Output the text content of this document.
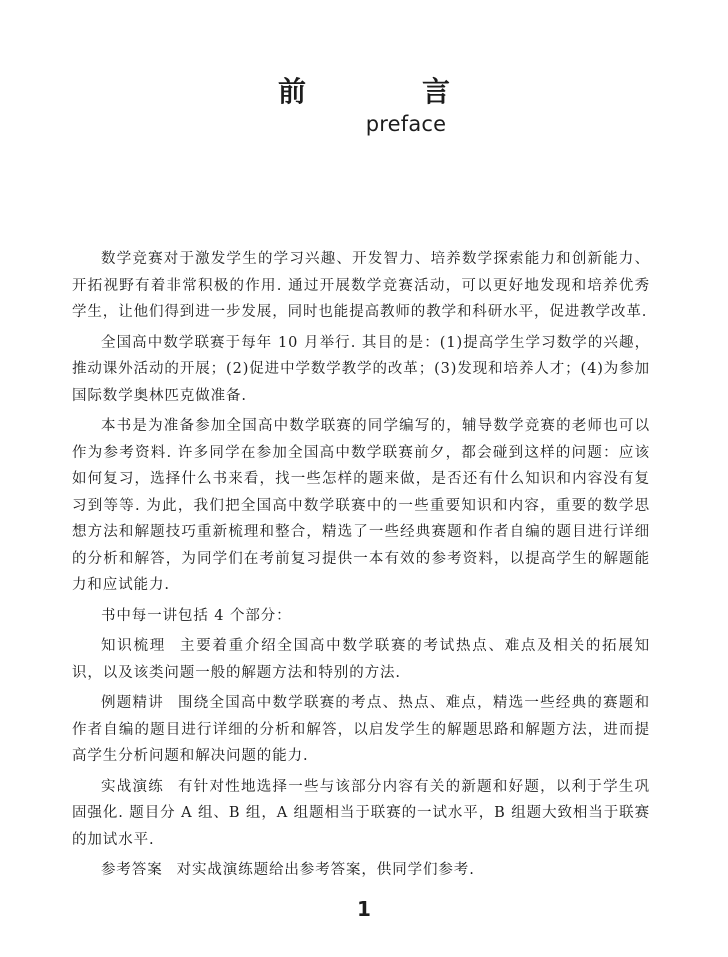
前　言
preface

数学竞赛对于激发学生的学习兴趣、开发智力、培养数学探索能力和创新能力、开拓视野有着非常积极的作用. 通过开展数学竞赛活动，可以更好地发现和培养优秀学生，让他们得到进一步发展，同时也能提高教师的教学和科研水平，促进教学改革.

全国高中数学联赛于每年 10 月举行. 其目的是：(1)提高学生学习数学的兴趣，推动课外活动的开展；(2)促进中学数学教学的改革；(3)发现和培养人才；(4)为参加国际数学奥林匹克做准备.

本书是为准备参加全国高中数学联赛的同学编写的，辅导数学竞赛的老师也可以作为参考资料. 许多同学在参加全国高中数学联赛前夕，都会碰到这样的问题：应该如何复习，选择什么书来看，找一些怎样的题来做，是否还有什么知识和内容没有复习到等等. 为此，我们把全国高中数学联赛中的一些重要知识和内容，重要的数学思想方法和解题技巧重新梳理和整合，精选了一些经典赛题和作者自编的题目进行详细的分析和解答，为同学们在考前复习提供一本有效的参考资料，以提高学生的解题能力和应试能力.

书中每一讲包括 4 个部分：

知识梳理 主要着重介绍全国高中数学联赛的考试热点、难点及相关的拓展知识，以及该类问题一般的解题方法和特别的方法.

例题精讲 围绕全国高中数学联赛的考点、热点、难点，精选一些经典的赛题和作者自编的题目进行详细的分析和解答，以启发学生的解题思路和解题方法，进而提高学生分析问题和解决问题的能力.

实战演练 有针对性地选择一些与该部分内容有关的新题和好题，以利于学生巩固强化. 题目分 A 组、B 组，A 组题相当于联赛的一试水平，B 组题大致相当于联赛的加试水平.

参考答案 对实战演练题给出参考答案，供同学们参考.

1
